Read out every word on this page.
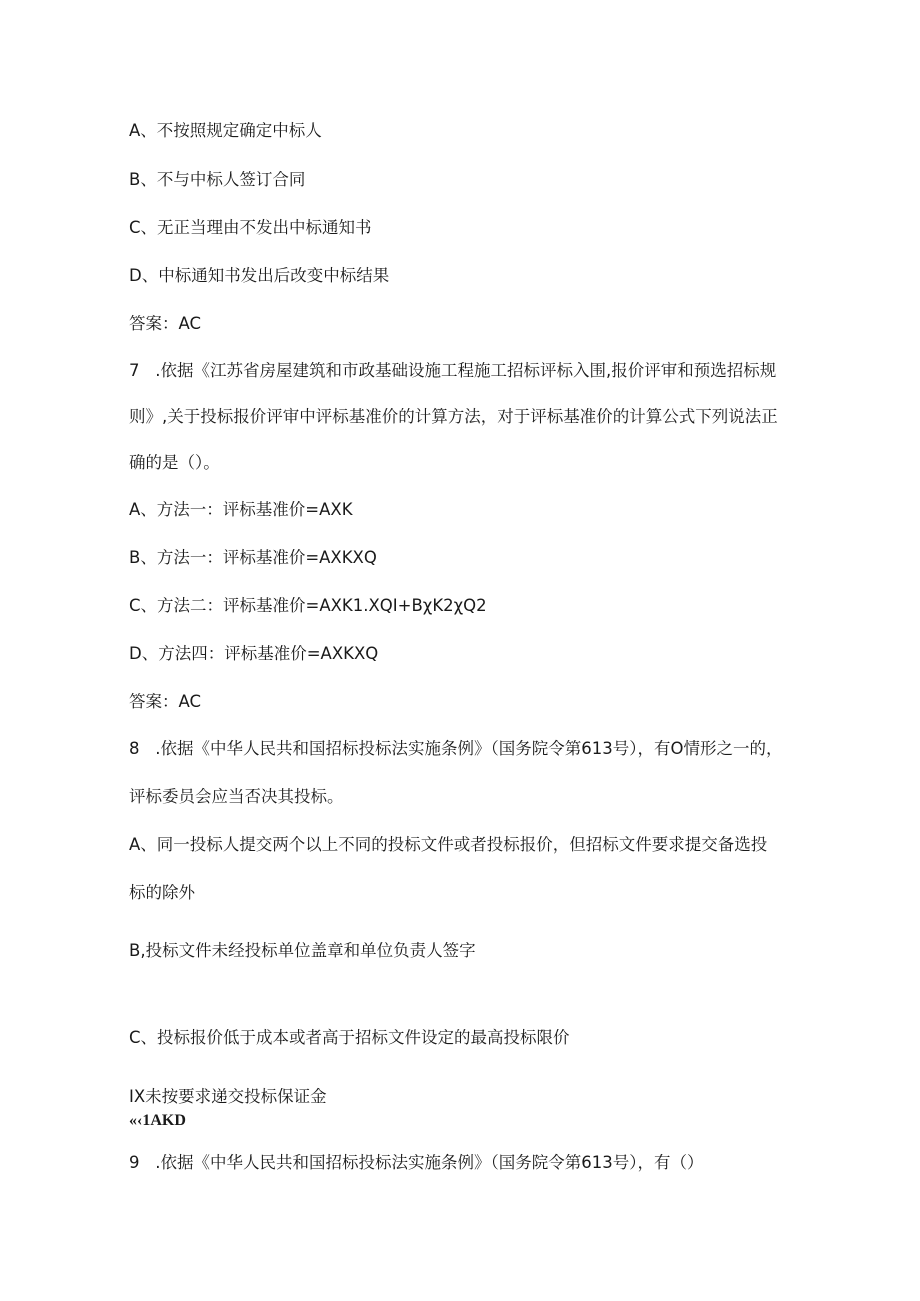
A、不按照规定确定中标人

B、不与中标人签订合同

C、无正当理由不发出中标通知书

D、中标通知书发出后改变中标结果

答案：AC

7   .依据《江苏省房屋建筑和市政基础设施工程施工招标评标入围,报价评审和预选招标规

则》,关于投标报价评审中评标基准价的计算方法，对于评标基准价的计算公式下列说法正

确的是（）。

A、方法一：评标基准价=AXK

B、方法一：评标基准价=AXKXQ

C、方法二：评标基准价=AXK1.XQI+BχK2χQ2

D、方法四：评标基准价=AXKXQ

答案：AC

8   .依据《中华人民共和国招标投标法实施条例》（国务院令第613号），有O情形之一的，

评标委员会应当否决其投标。

A、同一投标人提交两个以上不同的投标文件或者投标报价，但招标文件要求提交备选投

标的除外

B,投标文件未经投标单位盖章和单位负责人签字

C、投标报价低于成本或者高于招标文件设定的最高投标限价

IX未按要求递交投标保证金

«‹1AKD

9   .依据《中华人民共和国招标投标法实施条例》（国务院令第613号），有（）
